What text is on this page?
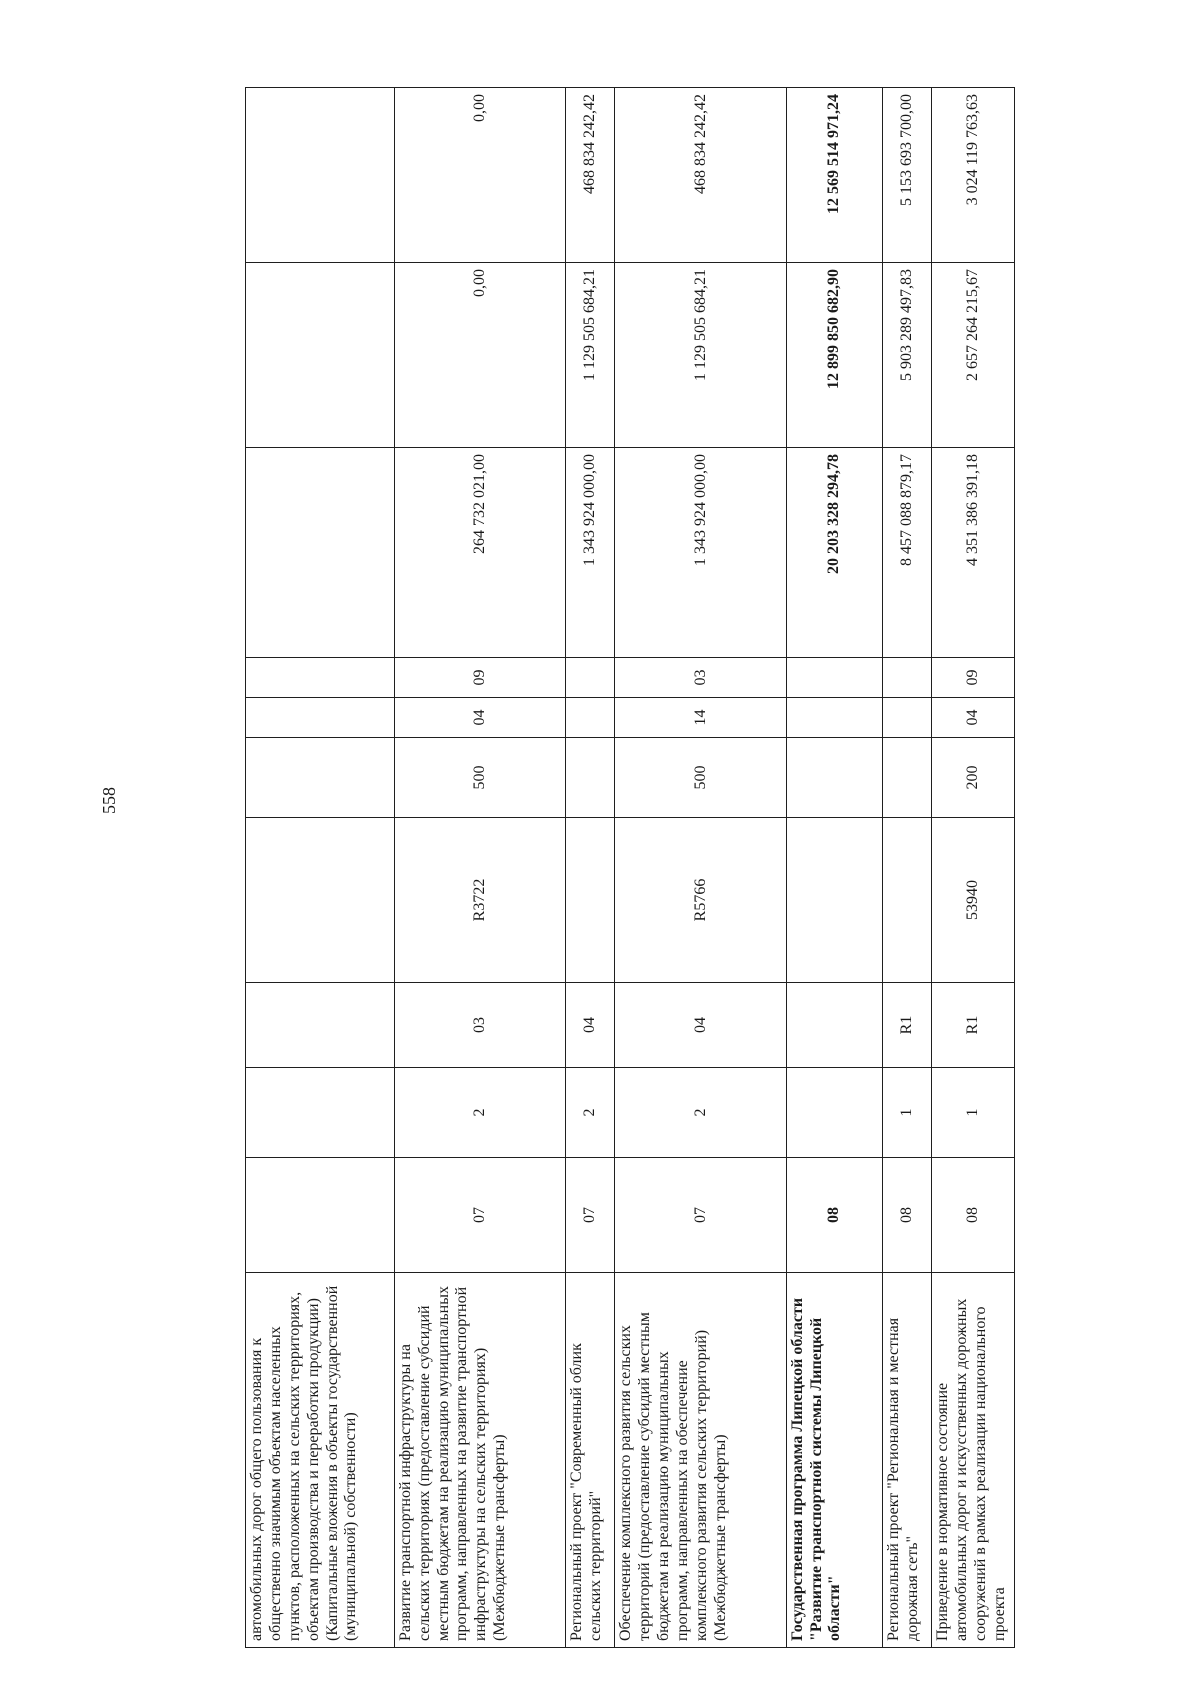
558
автомобильных дорог общего пользования к общественно значимым объектам населенных пунктов, расположенных на сельских территориях, объектам производства и переработки продукции) (Капитальные вложения в объекты государственной (муниципальной) собственности)										
Развитие транспортной инфраструктуры на сельских территориях (предоставление субсидий местным бюджетам на реализацию муниципальных программ, направленных на развитие транспортной инфраструктуры на сельских территориях) (Межбюджетные трансферты)	07	2	03	R3722	500	04	09	264 732 021,00	0,00	0,00
Региональный проект "Современный облик сельских территорий"	07	2	04					1 343 924 000,00	1 129 505 684,21	468 834 242,42
Обеспечение комплексного развития сельских территорий (предоставление субсидий местным бюджетам на реализацию муниципальных программ, направленных на обеспечение комплексного развития сельских территорий) (Межбюджетные трансферты)	07	2	04	R5766	500	14	03	1 343 924 000,00	1 129 505 684,21	468 834 242,42
Государственная программа Липецкой области "Развитие транспортной системы Липецкой области"	08							20 203 328 294,78	12 899 850 682,90	12 569 514 971,24
Региональный проект "Региональная и местная дорожная сеть"	08	1	R1					8 457 088 879,17	5 903 289 497,83	5 153 693 700,00
Приведение в нормативное состояние автомобильных дорог и искусственных дорожных сооружений в рамках реализации национального проекта	08	1	R1	53940	200	04	09	4 351 386 391,18	2 657 264 215,67	3 024 119 763,63
